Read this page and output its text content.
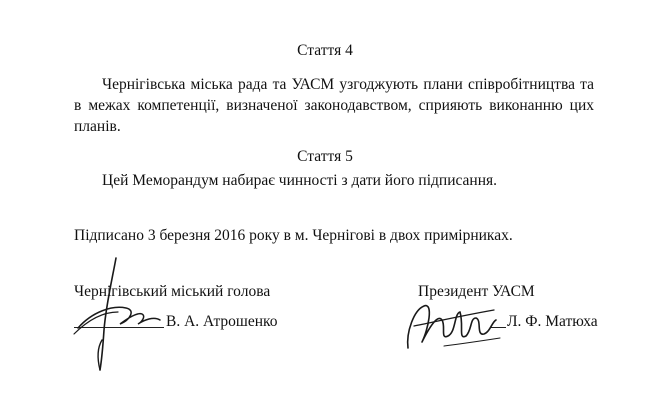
Стаття 4

Чернігівська міська рада та УАСМ узгоджують плани співробітництва та в межах компетенції, визначеної законодавством, сприяють виконанню цих планів.

Стаття 5

Цей Меморандум набирає чинності з дати його підписання.

Підписано 3 березня 2016 року в м. Чернігові в двох примірниках.
Чернігівський міський голова
В. А. Атрошенко
Президент УАСМ
Л. Ф. Матюха
